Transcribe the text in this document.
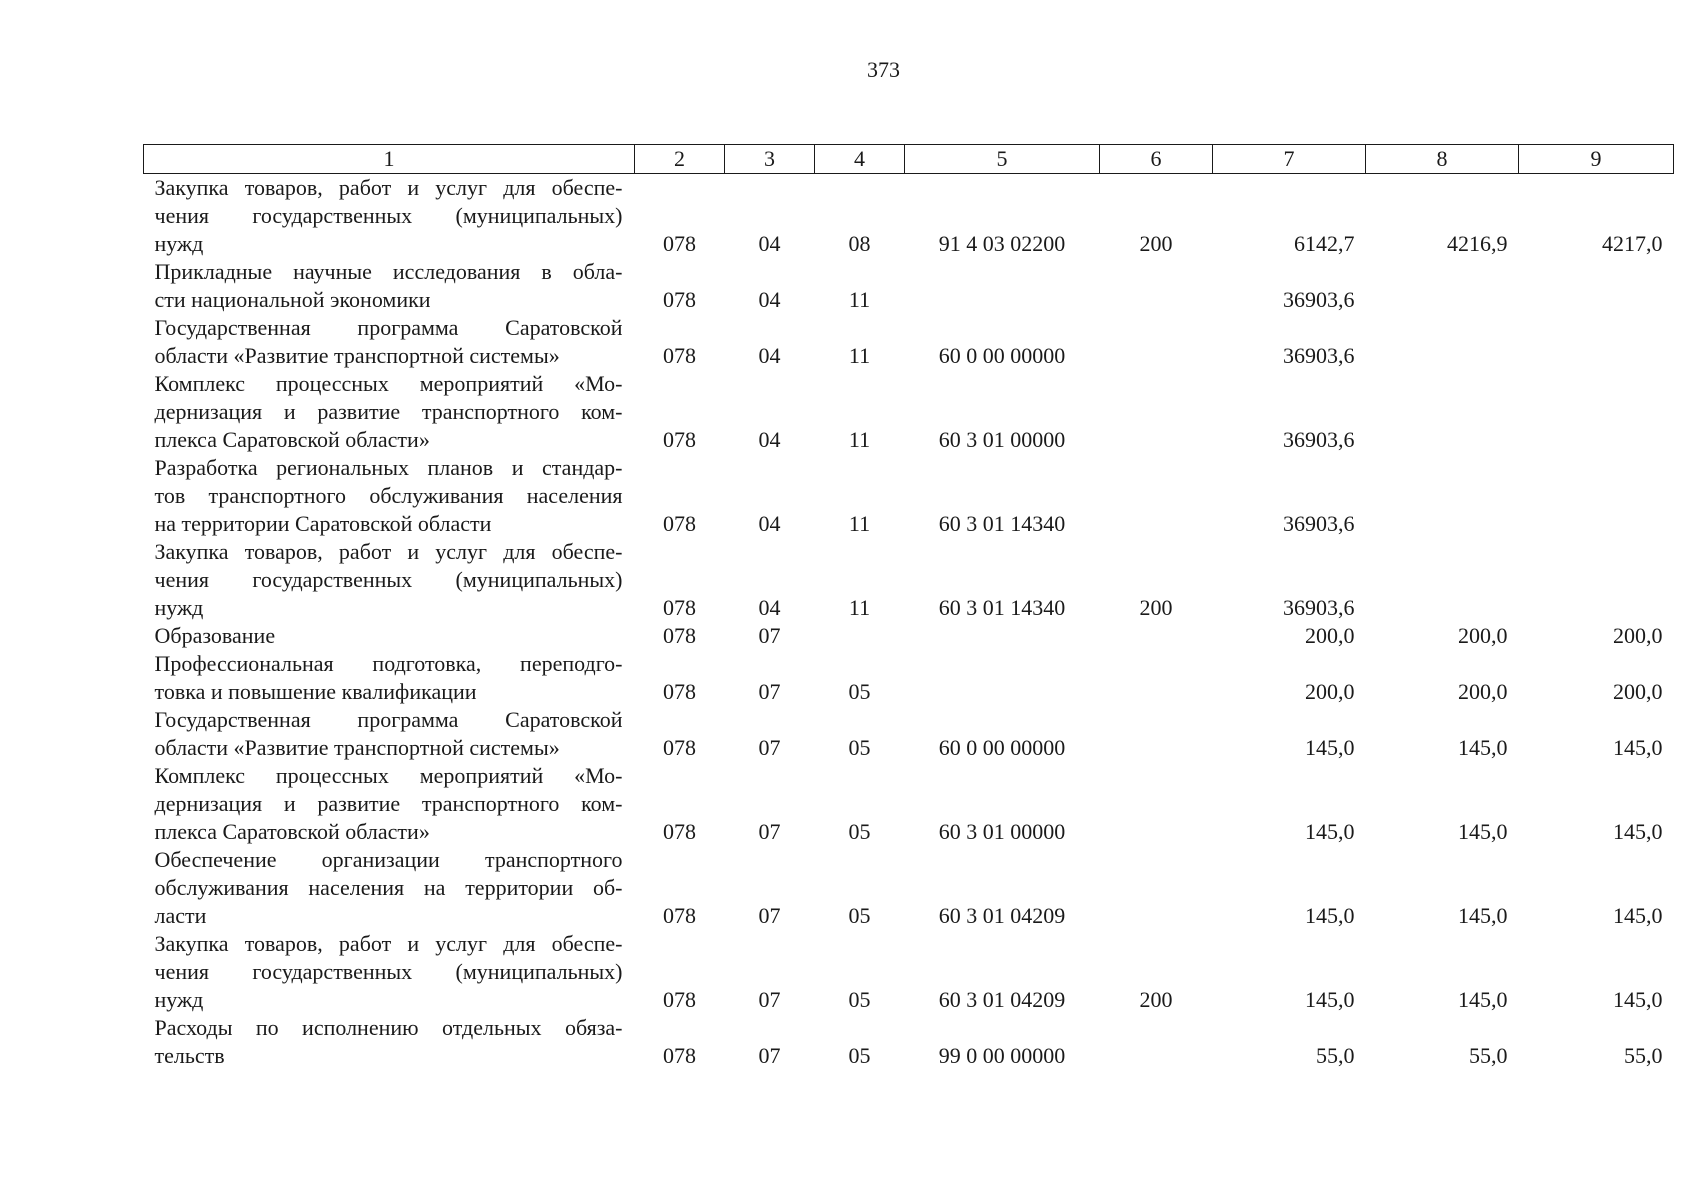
373
1	2	3	4	5	6	7	8	9

Закупка товаров, работ и услуг для обеспе-
чения государственных (муниципальных)
нужд	078	04	08	91 4 03 02200	200	6142,7	4216,9	4217,0

Прикладные научные исследования в обла-
сти национальной экономики	078	04	11			36903,6		

Государственная программа Саратовской
области «Развитие транспортной системы»	078	04	11	60 0 00 00000		36903,6		

Комплекс процессных мероприятий «Мо-
дернизация и развитие транспортного ком-
плекса Саратовской области»	078	04	11	60 3 01 00000		36903,6		

Разработка региональных планов и стандар-
тов транспортного обслуживания населения
на территории Саратовской области	078	04	11	60 3 01 14340		36903,6		

Закупка товаров, работ и услуг для обеспе-
чения государственных (муниципальных)
нужд	078	04	11	60 3 01 14340	200	36903,6		

Образование	078	07				200,0	200,0	200,0

Профессиональная подготовка, переподго-
товка и повышение квалификации	078	07	05			200,0	200,0	200,0

Государственная программа Саратовской
области «Развитие транспортной системы»	078	07	05	60 0 00 00000		145,0	145,0	145,0

Комплекс процессных мероприятий «Мо-
дернизация и развитие транспортного ком-
плекса Саратовской области»	078	07	05	60 3 01 00000		145,0	145,0	145,0

Обеспечение организации транспортного
обслуживания населения на территории об-
ласти	078	07	05	60 3 01 04209		145,0	145,0	145,0

Закупка товаров, работ и услуг для обеспе-
чения государственных (муниципальных)
нужд	078	07	05	60 3 01 04209	200	145,0	145,0	145,0

Расходы по исполнению отдельных обяза-
тельств	078	07	05	99 0 00 00000		55,0	55,0	55,0
